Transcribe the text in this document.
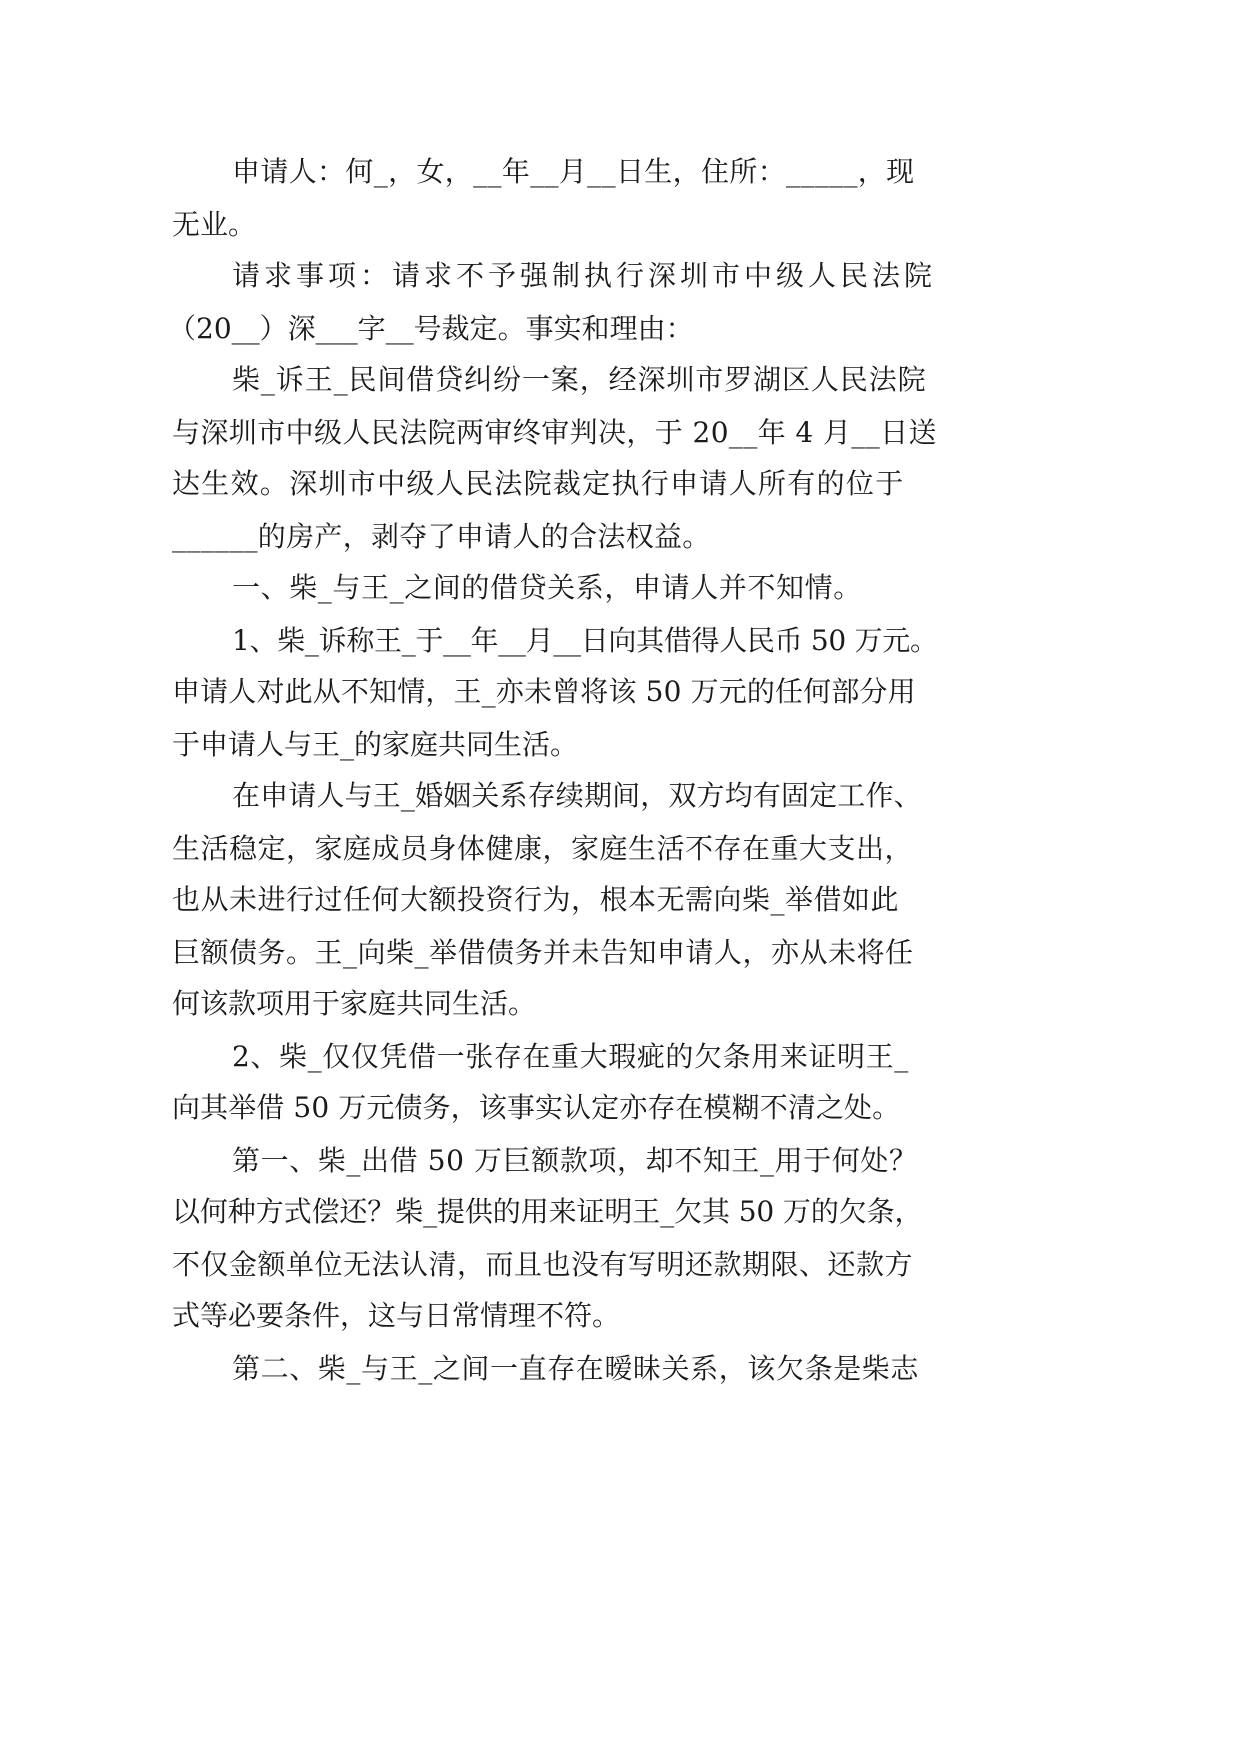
申请人：何_，女，__年__月__日生，住所：_____，现
无业。
请求事项：请求不予强制执行深圳市中级人民法院
（20__）深___字__号裁定。事实和理由：
柴_诉王_民间借贷纠纷一案，经深圳市罗湖区人民法院
与深圳市中级人民法院两审终审判决，于 20__年 4 月__日送
达生效。深圳市中级人民法院裁定执行申请人所有的位于
______的房产，剥夺了申请人的合法权益。
一、柴_与王_之间的借贷关系，申请人并不知情。
1、柴_诉称王_于__年__月__日向其借得人民币 50 万元。
申请人对此从不知情，王_亦未曾将该 50 万元的任何部分用
于申请人与王_的家庭共同生活。
在申请人与王_婚姻关系存续期间，双方均有固定工作、
生活稳定，家庭成员身体健康，家庭生活不存在重大支出，
也从未进行过任何大额投资行为，根本无需向柴_举借如此
巨额债务。王_向柴_举借债务并未告知申请人，亦从未将任
何该款项用于家庭共同生活。
2、柴_仅仅凭借一张存在重大瑕疵的欠条用来证明王_
向其举借 50 万元债务，该事实认定亦存在模糊不清之处。
第一、柴_出借 50 万巨额款项，却不知王_用于何处？
以何种方式偿还？柴_提供的用来证明王_欠其 50 万的欠条，
不仅金额单位无法认清，而且也没有写明还款期限、还款方
式等必要条件，这与日常情理不符。
第二、柴_与王_之间一直存在暧昧关系，该欠条是柴志
